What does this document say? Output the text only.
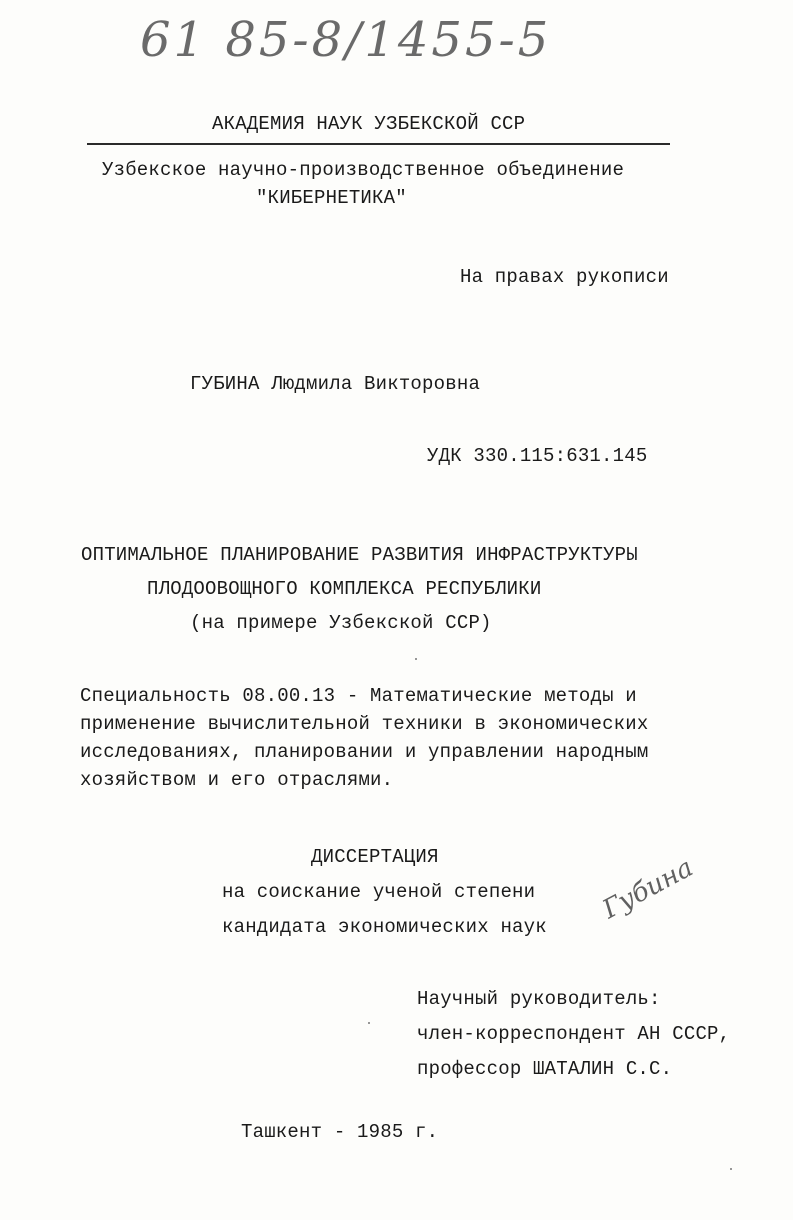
61 85-8/1455-5
АКАДЕМИЯ НАУК УЗБЕКСКОЙ ССР
Узбекское научно-производственное объединение
"КИБЕРНЕТИКА"
На правах рукописи
ГУБИНА Людмила Викторовна
УДК 330.115:631.145
ОПТИМАЛЬНОЕ ПЛАНИРОВАНИЕ РАЗВИТИЯ ИНФРАСТРУКТУРЫ
ПЛОДООВОЩНОГО КОМПЛЕКСА РЕСПУБЛИКИ
(на примере Узбекской ССР)
Специальность 08.00.13 - Математические методы и
применение вычислительной техники в экономических
исследованиях, планировании и управлении народным
хозяйством и его отраслями.
ДИССЕРТАЦИЯ
на соискание ученой степени
кандидата экономических наук
Губина
Научный руководитель:
член-корреспондент АН СССР,
профессор ШАТАЛИН С.С.
Ташкент - 1985 г.
